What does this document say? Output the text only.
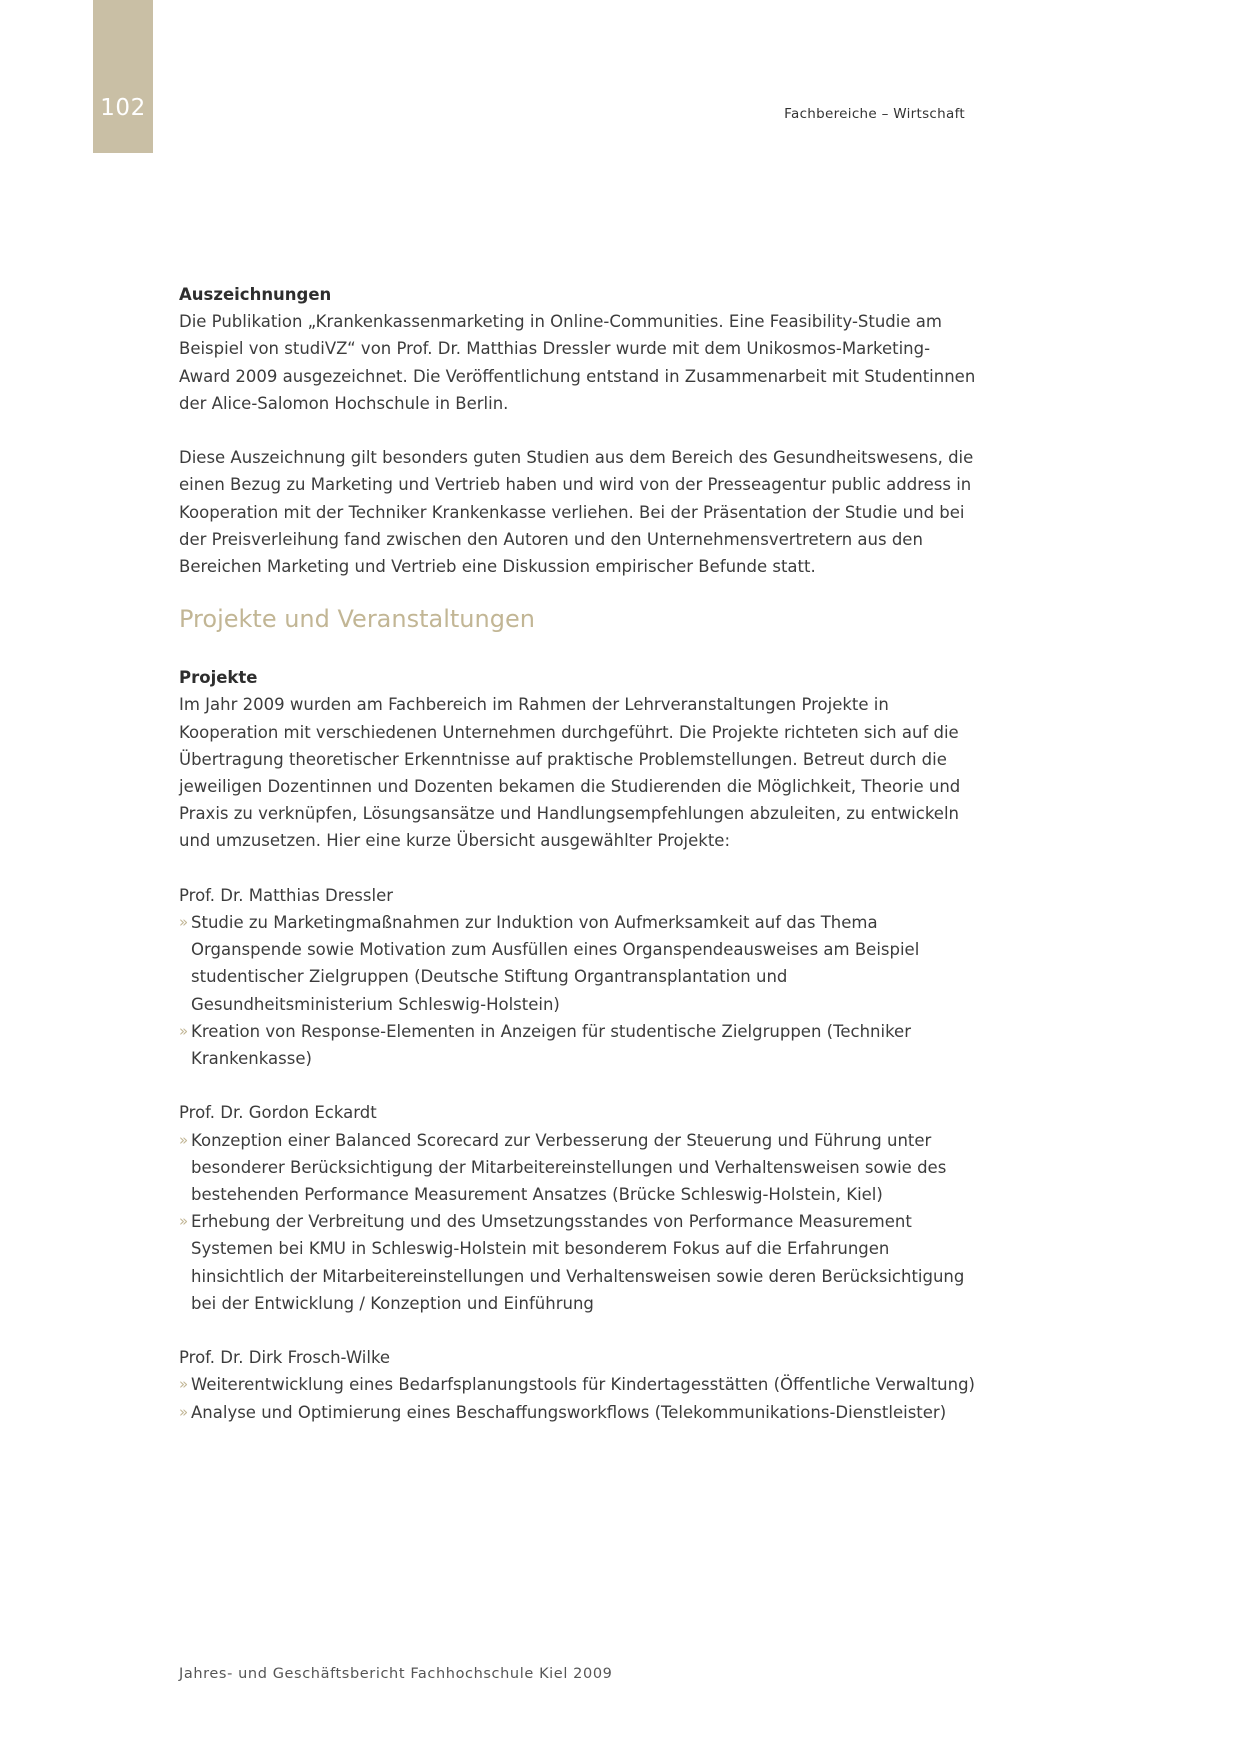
102	Fachbereiche – Wirtschaft

Auszeichnungen

Die Publikation „Krankenkassenmarketing in Online-Communities. Eine Feasibility-Studie am Beispiel von studiVZ“ von Prof. Dr. Matthias Dressler wurde mit dem Unikosmos-Marketing-Award 2009 ausgezeichnet. Die Veröffentlichung entstand in Zusammenarbeit mit Studentinnen der Alice-Salomon Hochschule in Berlin.

Diese Auszeichnung gilt besonders guten Studien aus dem Bereich des Gesundheitswesens, die einen Bezug zu Marketing und Vertrieb haben und wird von der Presseagentur public address in Kooperation mit der Techniker Krankenkasse verliehen. Bei der Präsentation der Studie und bei der Preisverleihung fand zwischen den Autoren und den Unternehmensvertretern aus den Bereichen Marketing und Vertrieb eine Diskussion empirischer Befunde statt.

Projekte und Veranstaltungen

Projekte

Im Jahr 2009 wurden am Fachbereich im Rahmen der Lehrveranstaltungen Projekte in Kooperation mit verschiedenen Unternehmen durchgeführt. Die Projekte richteten sich auf die Übertragung theoretischer Erkenntnisse auf praktische Problemstellungen. Betreut durch die jeweiligen Dozentinnen und Dozenten bekamen die Studierenden die Möglichkeit, Theorie und Praxis zu verknüpfen, Lösungsansätze und Handlungsempfehlungen abzuleiten, zu entwickeln und umzusetzen. Hier eine kurze Übersicht ausgewählter Projekte:

Prof. Dr. Matthias Dressler

» Studie zu Marketingmaßnahmen zur Induktion von Aufmerksamkeit auf das Thema Organspende sowie Motivation zum Ausfüllen eines Organspendeausweises am Beispiel studentischer Zielgruppen (Deutsche Stiftung Organtransplantation und Gesundheitsministerium Schleswig-Holstein)
» Kreation von Response-Elementen in Anzeigen für studentische Zielgruppen (Techniker Krankenkasse)

Prof. Dr. Gordon Eckardt

» Konzeption einer Balanced Scorecard zur Verbesserung der Steuerung und Führung unter besonderer Berücksichtigung der Mitarbeitereinstellungen und Verhaltensweisen sowie des bestehenden Performance Measurement Ansatzes (Brücke Schleswig-Holstein, Kiel)
» Erhebung der Verbreitung und des Umsetzungsstandes von Performance Measurement Systemen bei KMU in Schleswig-Holstein mit besonderem Fokus auf die Erfahrungen hinsichtlich der Mitarbeitereinstellungen und Verhaltensweisen sowie deren Berücksichtigung bei der Entwicklung / Konzeption und Einführung

Prof. Dr. Dirk Frosch-Wilke

» Weiterentwicklung eines Bedarfsplanungstools für Kindertagesstätten (Öffentliche Verwaltung)
» Analyse und Optimierung eines Beschaffungsworkflows (Telekommunikations-Dienstleister)
Jahres- und Geschäftsbericht Fachhochschule Kiel 2009
